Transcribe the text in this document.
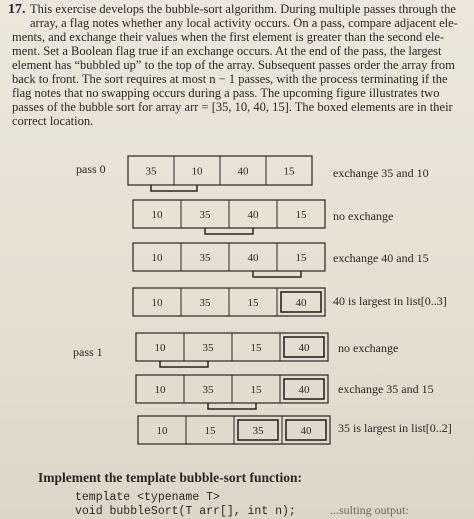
17. This exercise develops the bubble-sort algorithm. During multiple passes through the
array, a flag notes whether any local activity occurs. On a pass, compare adjacent ele-
ments, and exchange their values when the first element is greater than the second ele-
ment. Set a Boolean flag true if an exchange occurs. At the end of the pass, the largest
element has “bubbled up” to the top of the array. Subsequent passes order the array from
back to front. The sort requires at most n − 1 passes, with the process terminating if the
flag notes that no swapping occurs during a pass. The upcoming figure illustrates two
passes of the bubble sort for array arr = [35, 10, 40, 15]. The boxed elements are in their
correct location.
35	10	40	15
10	35	40	15
10	35	40	15
10	35	15	40
10	35	15	40
10	35	15	40
10	15	35	40
pass 0
pass 1
exchange 35 and 10
no exchange
exchange 40 and 15
40 is largest in list[0..3]
no exchange
exchange 35 and 15
35 is largest in list[0..2]
Implement the template bubble-sort function:
template <typename T>
void bubbleSort(T arr[], int n);	...sulting output:
